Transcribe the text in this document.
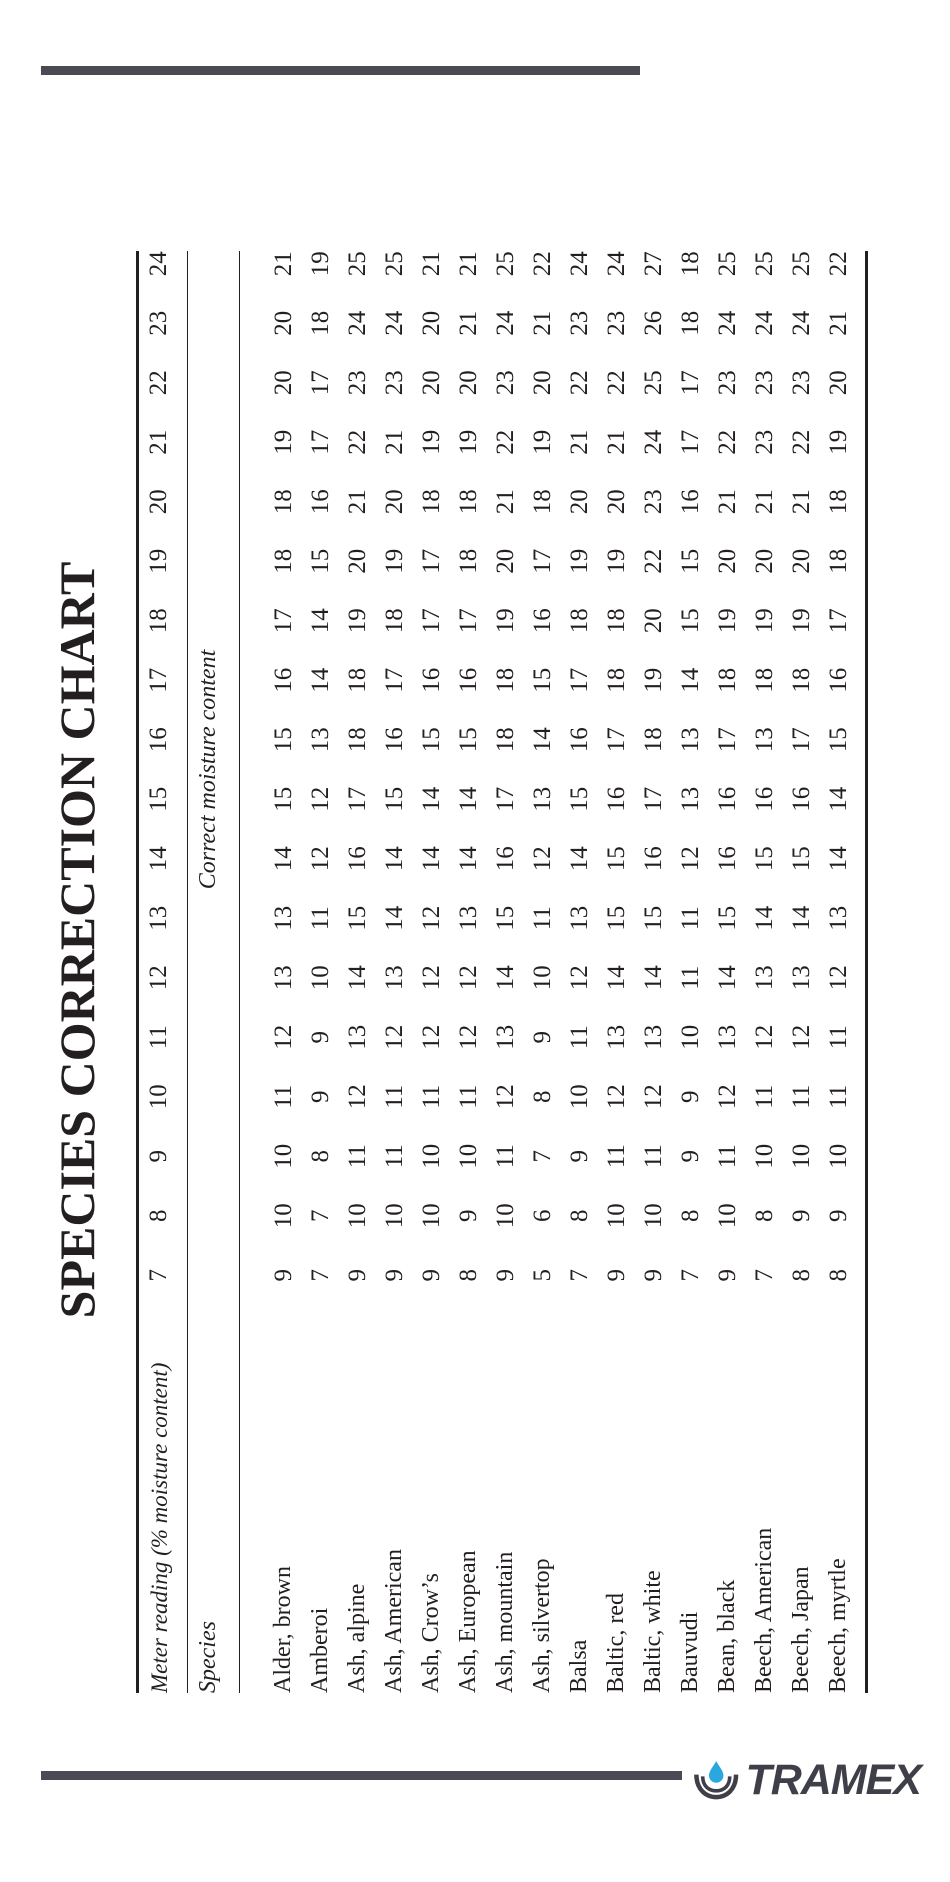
SPECIES CORRECTION CHART
Meter reading (% moisture content)
7
8
9
10
11
12
13
14
15
16
17
18
19
20
21
22
23
24
Species
Correct moisture content
Alder, brown
9
10
10
11
12
13
13
14
15
15
16
17
18
18
19
20
20
21
Amberoi
7
7
8
9
9
10
11
12
12
13
14
14
15
16
17
17
18
19
Ash, alpine
9
10
11
12
13
14
15
16
17
18
18
19
20
21
22
23
24
25
Ash, American
9
10
11
11
12
13
14
14
15
16
17
18
19
20
21
23
24
25
Ash, Crow’s
9
10
10
11
12
12
12
14
14
15
16
17
17
18
19
20
20
21
Ash, European
8
9
10
11
12
12
13
14
14
15
16
17
18
18
19
20
21
21
Ash, mountain
9
10
11
12
13
14
15
16
17
18
18
19
20
21
22
23
24
25
Ash, silvertop
5
6
7
8
9
10
11
12
13
14
15
16
17
18
19
20
21
22
Balsa
7
8
9
10
11
12
13
14
15
16
17
18
19
20
21
22
23
24
Baltic, red
9
10
11
12
13
14
15
15
16
17
18
18
19
20
21
22
23
24
Baltic, white
9
10
11
12
13
14
15
16
17
18
19
20
22
23
24
25
26
27
Bauvudi
7
8
9
9
10
11
11
12
13
13
14
15
15
16
17
17
18
18
Bean, black
9
10
11
12
13
14
15
16
16
17
18
19
20
21
22
23
24
25
Beech, American
7
8
10
11
12
13
14
15
16
13
18
19
20
21
23
23
24
25
Beech, Japan
8
9
10
11
12
13
14
15
16
17
18
19
20
21
22
23
24
25
Beech, myrtle
8
9
10
11
11
12
13
14
14
15
16
17
18
18
19
20
21
22
TRAMEX
